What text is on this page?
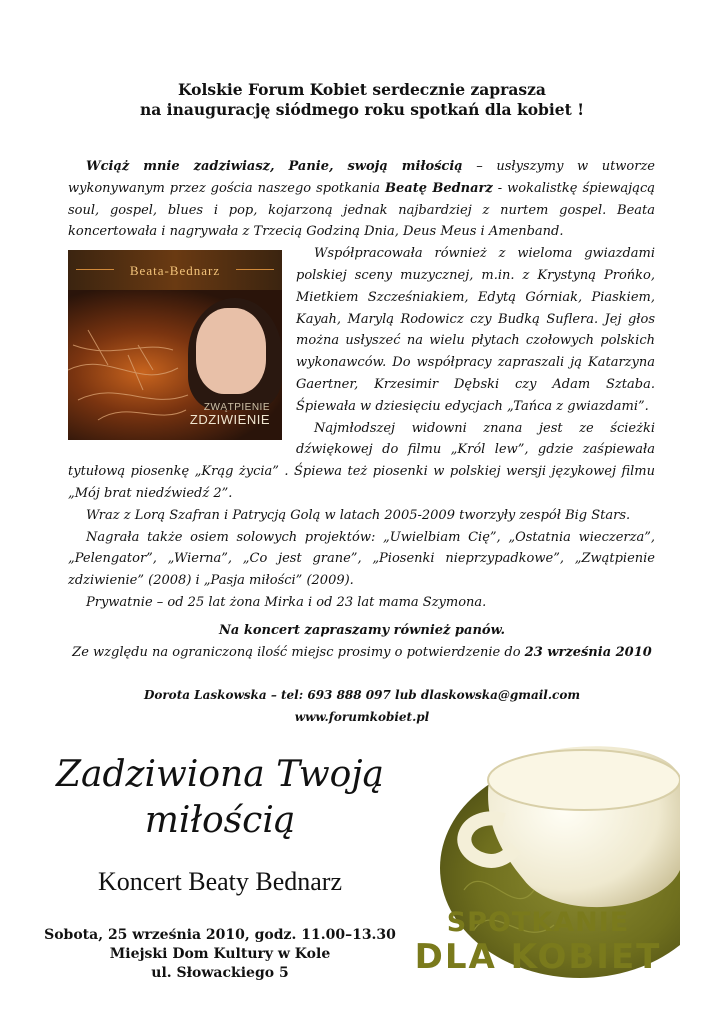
Kolskie Forum Kobiet serdecznie zaprasza
na inaugurację siódmego roku spotkań dla kobiet !

Wciąż mnie zadziwiasz, Panie, swoją miłością – usłyszymy w utworze wykonywanym przez gościa naszego spotkania Beatę Bednarz - wokalistkę śpiewającą soul, gospel, blues i pop, kojarzoną jednak najbardziej z nurtem gospel. Beata koncertowała i nagrywała z Trzecią Godziną Dnia, Deus Meus i Amenband.

Beata-Bednarz
ZWĄTPIENIE
ZDZIWIENIE

Współpracowała również z wieloma gwiazdami polskiej sceny muzycznej, m.in. z Krystyną Prońko, Mietkiem Szcześniakiem, Edytą Górniak, Piaskiem, Kayah, Marylą Rodowicz czy Budką Suflera. Jej głos można usłyszeć na wielu płytach czołowych polskich wykonawców. Do współpracy zapraszali ją Katarzyna Gaertner, Krzesimir Dębski czy Adam Sztaba. Śpiewała w dziesięciu edycjach „Tańca z gwiazdami”.

Najmłodszej widowni znana jest ze ścieżki dźwiękowej do filmu „Król lew”, gdzie zaśpiewała tytułową piosenkę „Krąg życia” . Śpiewa też piosenki w polskiej wersji językowej filmu „Mój brat niedźwiedź 2”.

Wraz z Lorą Szafran i Patrycją Golą w latach 2005-2009 tworzyły zespół Big Stars.

Nagrała także osiem solowych projektów: „Uwielbiam Cię”, „Ostatnia wieczerza”, „Pelengator”, „Wierna”, „Co jest grane”, „Piosenki nieprzypadkowe”, „Zwątpienie zdziwienie” (2008) i „Pasja miłości” (2009).

Prywatnie – od 25 lat żona Mirka i od 23 lat mama Szymona.

Na koncert zapraszamy również panów.
Ze względu na ograniczoną ilość miejsc prosimy o potwierdzenie do 23 września 2010
Dorota Laskowska – tel: 693 888 097 lub dlaskowska@gmail.com
www.forumkobiet.pl
Zadziwiona Twoją
miłością
Koncert Beaty Bednarz
Sobota, 25 września 2010, godz. 11.00–13.30
Miejski Dom Kultury w Kole
ul. Słowackiego 5
SPOTKANIE
DLA KOBIET
